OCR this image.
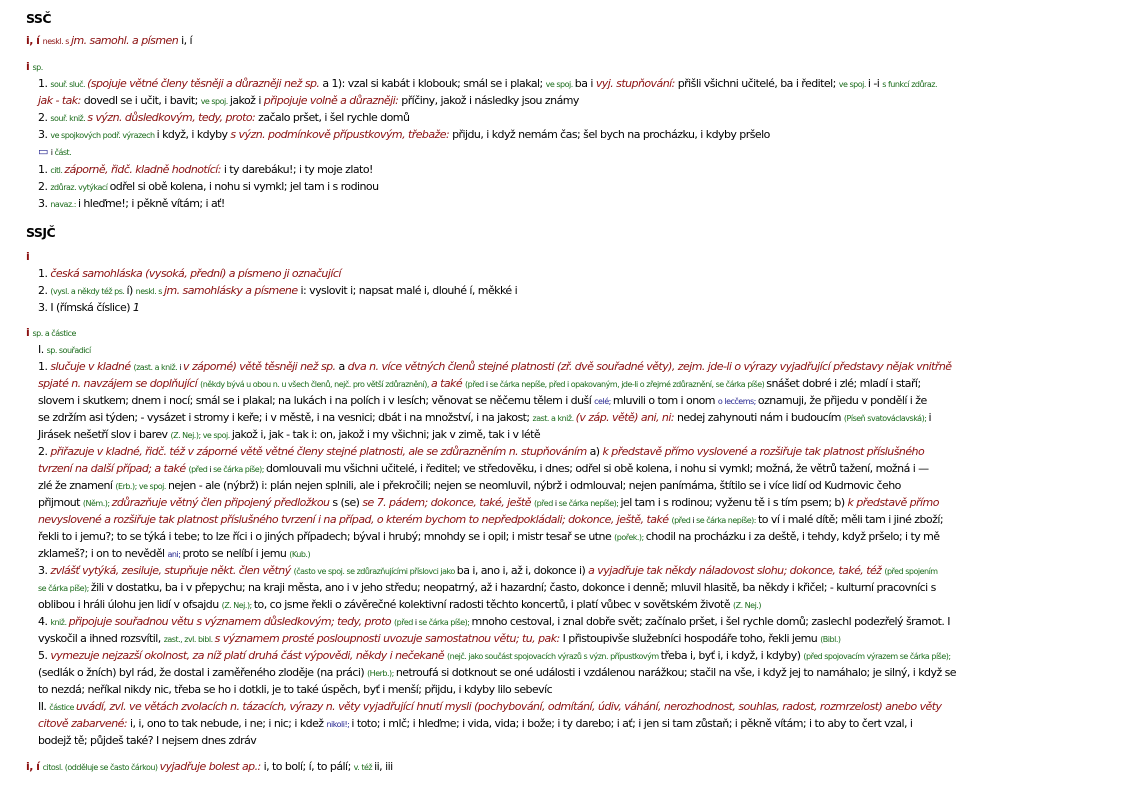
SSČ
i, í neskl. s jm. samohl. a písmen i, í
i sp.
1. souř. sluč. (spojuje větné členy těsněji a důrazněji než sp. a 1): vzal si kabát i klobouk; smál se i plakal; ve spoj. ba i vyj. stupňování: přišli všichni učitelé, ba i ředitel; ve spoj. i -i s funkcí zdůraz.
jak - tak: dovedl se i učit, i bavit; ve spoj. jakož i připojuje volně a důrazněji: příčiny, jakož i následky jsou známy
2. souř. kniž. s význ. důsledkovým, tedy, proto: začalo pršet, i šel rychle domů
3. ve spojkových podř. výrazech i když, i kdyby s význ. podmínkově přípustkovým, třebaže: přijdu, i když nemám čas; šel bych na procházku, i kdyby pršelo
▭ i část.
1. citl. záporně, řidč. kladně hodnotící: i ty darebáku!; i ty moje zlato!
2. zdůraz. vytýkací odřel si obě kolena, i nohu si vymkl; jel tam i s rodinou
3. navaz.: i hleďme!; i pěkně vítám; i ať!
SSJČ
i
1. česká samohláska (vysoká, přední) a písmeno ji označující
2. (vysl. a někdy též ps. í) neskl. s jm. samohlásky a písmene i: vyslovit i; napsat malé i, dlouhé í, měkké i
3. I (římská číslice) 1
i sp. a částice
I. sp. souřadicí
1. slučuje v kladné (zast. a kniž. i v záporné) větě těsněji než sp. a dva n. více větných členů stejné platnosti (zř. dvě souřadné věty), zejm. jde-li o výrazy vyjadřující představy nějak vnitřně
spjaté n. navzájem se doplňující (někdy bývá u obou n. u všech členů, nejč. pro větší zdůraznění), a také (před i se čárka nepíše, před i opakovaným, jde-li o zřejmé zdůraznění, se čárka píše) snášet dobré i zlé; mladí i staří;
slovem i skutkem; dnem i nocí; smál se i plakal; na lukách i na polích i v lesích; věnovat se něčemu tělem i duší celé; mluvili o tom i onom o lecčems; oznamuji, že přijedu v pondělí i že
se zdržím asi týden; - vysázet i stromy i keře; i v městě, i na vesnici; dbát i na množství, i na jakost; zast. a kniž. (v záp. větě) ani, ni: nedej zahynouti nám i budoucím (Píseň svatováclavská); i
Jirásek nešetří slov i barev (Z. Nej.); ve spoj. jakož i, jak - tak i: on, jakož i my všichni; jak v zimě, tak i v létě
2. přiřazuje v kladné, řidč. též v záporné větě větné členy stejné platnosti, ale se zdůrazněním n. stupňováním a) k představě přímo vyslovené a rozšiřuje tak platnost příslušného
tvrzení na další případ; a také (před i se čárka píše); domlouvali mu všichni učitelé, i ředitel; ve středověku, i dnes; odřel si obě kolena, i nohu si vymkl; možná, že větrů tažení, možná i —
zlé že znamení (Erb.); ve spoj. nejen - ale (nýbrž) i: plán nejen splnili, ale i překročili; nejen se neomluvil, nýbrž i odmlouval; nejen panímáma, štítilo se i více lidí od Kudrnovic čeho
přijmout (Něm.); zdůrazňuje větný člen připojený předložkou s (se) se 7. pádem; dokonce, také, ještě (před i se čárka nepíše); jel tam i s rodinou; vyženu tě i s tím psem; b) k představě přímo
nevyslovené a rozšiřuje tak platnost příslušného tvrzení i na případ, o kterém bychom to nepředpokládali; dokonce, ještě, také (před i se čárka nepíše): to ví i malé dítě; měli tam i jiné zboží;
řekli to i jemu?; to se týká i tebe; to lze říci i o jiných případech; býval i hrubý; mnohdy se i opil; i mistr tesař se utne (pořek.); chodil na procházku i za deště, i tehdy, když pršelo; i ty mě
zklameš?; i on to nevěděl ani; proto se nelíbí i jemu (Kub.)
3. zvlášť vytýká, zesiluje, stupňuje někt. člen větný (často ve spoj. se zdůrazňujícími příslovci jako ba i, ano i, až i, dokonce i) a vyjadřuje tak někdy náladovost slohu; dokonce, také, též (před spojením
se čárka píše); žili v dostatku, ba i v přepychu; na kraji města, ano i v jeho středu; neopatrný, až i hazardní; často, dokonce i denně; mluvil hlasitě, ba někdy i křičel; - kulturní pracovníci s
oblibou i hráli úlohu jen lidí v ofsajdu (Z. Nej.); to, co jsme řekli o závěrečné kolektivní radosti těchto koncertů, i platí vůbec v sovětském životě (Z. Nej.)
4. kniž. připojuje souřadnou větu s významem důsledkovým; tedy, proto (před i se čárka píše); mnoho cestoval, i znal dobře svět; začínalo pršet, i šel rychle domů; zaslechl podezřelý šramot. I
vyskočil a ihned rozsvítil, zast., zvl. bibl. s významem prosté posloupnosti uvozuje samostatnou větu; tu, pak: I přistoupivše služebníci hospodáře toho, řekli jemu (Bibl.)
5. vymezuje nejzazší okolnost, za níž platí druhá část výpovědi, někdy i nečekaně (nejč. jako součást spojovacích výrazů s význ. přípustkovým třeba i, byť i, i když, i kdyby) (před spojovacím výrazem se čárka píše);
(sedlák o žních) byl rád, že dostal i zaměřeného zloděje (na práci) (Herb.); netroufá si dotknout se oné události i vzdálenou narážkou; stačil na vše, i když jej to namáhalo; je silný, i když se
to nezdá; neříkal nikdy nic, třeba se ho i dotkli, je to také úspěch, byť i menší; přijdu, i kdyby lilo sebevíc
II. částice uvádí, zvl. ve větách zvolacích n. tázacích, výrazy n. věty vyjadřující hnutí mysli (pochybování, odmítání, údiv, váhání, nerozhodnost, souhlas, radost, rozmrzelost) anebo věty
citově zabarvené: i, i, ono to tak nebude, i ne; i nic; i kdež nikoli!; i toto; i mlč; i hleďme; i vida, vida; i bože; i ty darebo; i ať; i jen si tam zůstaň; i pěkně vítám; i to aby to čert vzal, i
bodejž tě; půjdeš také? I nejsem dnes zdráv
i, í citosl. (odděluje se často čárkou) vyjadřuje bolest ap.: i, to bolí; í, to pálí; v. též ii, iii
